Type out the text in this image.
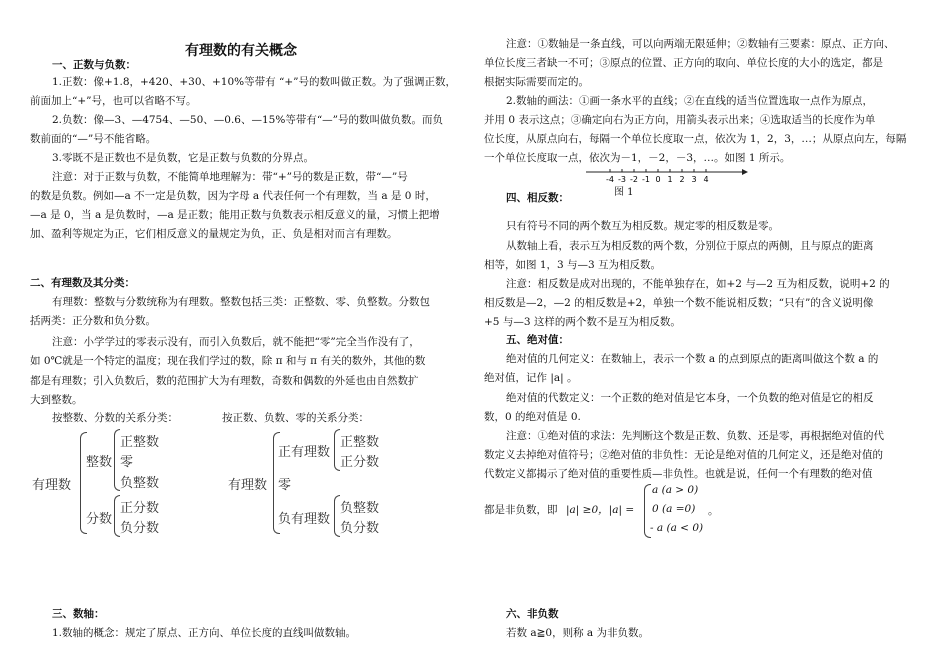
有理数的有关概念
一、正数与负数：
1.正数：像+1.8，+420、+30、+10%等带有 “+”号的数叫做正数。为了强调正数，
前面加上“+”号，也可以省略不写。
2.负数：像—3、—4754、—50、—0.6、—15%等带有“—”号的数叫做负数。而负
数前面的“—”号不能省略。
3.零既不是正数也不是负数，它是正数与负数的分界点。
注意：对于正数与负数，不能简单地理解为：带“+”号的数是正数，带“—”号
的数是负数。例如—a 不一定是负数，因为字母 a 代表任何一个有理数，当 a 是 0 时，
—a 是 0，当 a 是负数时，—a 是正数；能用正数与负数表示相反意义的量，习惯上把增
加、盈利等规定为正，它们相反意义的量规定为负，正、负是相对而言有理数。
二、有理数及其分类：
有理数：整数与分数统称为有理数。整数包括三类：正整数、零、负整数。分数包
括两类：正分数和负分数。
注意：小学学过的零表示没有，而引入负数后，就不能把“零”完全当作没有了，
如 0℃就是一个特定的温度；现在我们学过的数，除 π 和与 π 有关的数外，其他的数
都是有理数；引入负数后，数的范围扩大为有理数，奇数和偶数的外延也由自然数扩
大到整数。
按整数、分数的关系分类：	按正数、负数、零的关系分类：
有理数
整数
正整数
零
负整数
分数
正分数
负分数
有理数
正有理数
正整数
正分数
零
负有理数
负整数
负分数
三、数轴：
1.数轴的概念：规定了原点、正方向、单位长度的直线叫做数轴。
注意：①数轴是一条直线，可以向两端无限延伸；②数轴有三要素：原点、正方向、
单位长度三者缺一不可；③原点的位置、正方向的取向、单位长度的大小的选定，都是
根据实际需要而定的。
2.数轴的画法：①画一条水平的直线；②在直线的适当位置选取一点作为原点，
并用 0 表示这点；③确定向右为正方向，用箭头表示出来；④选取适当的长度作为单
位长度，从原点向右，每隔一个单位长度取一点，依次为 1，2，3，…；从原点向左，每隔
一个单位长度取一点，依次为－1，－2，－3，…。如图 1 所示。
-4 -3 -2 -1 0 1 2 3 4
图 1
四、相反数：
只有符号不同的两个数互为相反数。规定零的相反数是零。
从数轴上看，表示互为相反数的两个数，分别位于原点的两侧，且与原点的距离
相等，如图 1，3 与—3 互为相反数。
注意：相反数是成对出现的，不能单独存在，如+2 与—2 互为相反数，说明+2 的
相反数是—2，—2 的相反数是+2，单独一个数不能说相反数；“只有”的含义说明像
+5 与—3 这样的两个数不是互为相反数。
五、绝对值：
绝对值的几何定义：在数轴上，表示一个数 a 的点到原点的距离叫做这个数 a 的
绝对值，记作 |a| 。
绝对值的代数定义：一个正数的绝对值是它本身，一个负数的绝对值是它的相反
数，0 的绝对值是 0.
注意：①绝对值的求法：先判断这个数是正数、负数、还是零，再根据绝对值的代
数定义去掉绝对值符号；②绝对值的非负性：无论是绝对值的几何定义，还是绝对值的
代数定义都揭示了绝对值的重要性质—非负性。也就是说，任何一个有理数的绝对值
都是非负数，即 |a| ≥0，|a| =
a (a > 0)
0 (a =0)
- a (a < 0)
。
六、非负数
若数 a≧0，则称 a 为非负数。
